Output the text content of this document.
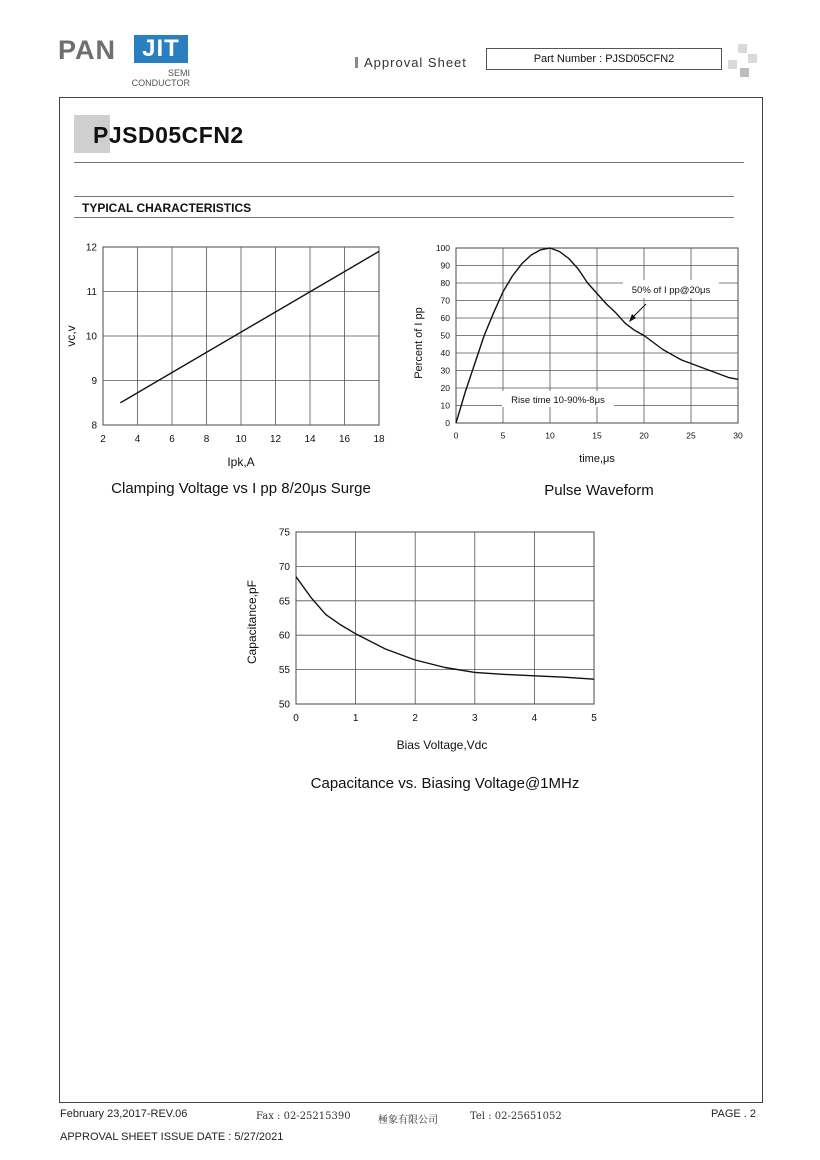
PAN	JIT
SEMI
CONDUCTOR
Approval Sheet	Part Number : PJSD05CFN2
PJSD05CFN2
TYPICAL CHARACTERISTICS
2	4	6	8	10 12 14 16 18
8
9
10
11
12
Ipk,A
vc,v
Clamping Voltage vs I pp 8/20μs Surge
0	5	10	15	20	25	30
0
10
20
30
40
50
60
70
80
90
100
time,μs
Percent of I pp
Pulse Waveform
50% of I pp@20μs
Rise time 10-90%-8μs
0	1	2	3	4	5
50
55
60
65
70
75
Bias Voltage,Vdc
Capacitance,pF
Capacitance vs. Biasing Voltage@1MHz
February 23,2017-REV.06	Fax : 02-25215390	極象有限公司	Tel : 02-25651052	PAGE . 2
APPROVAL SHEET ISSUE DATE : 5/27/2021
